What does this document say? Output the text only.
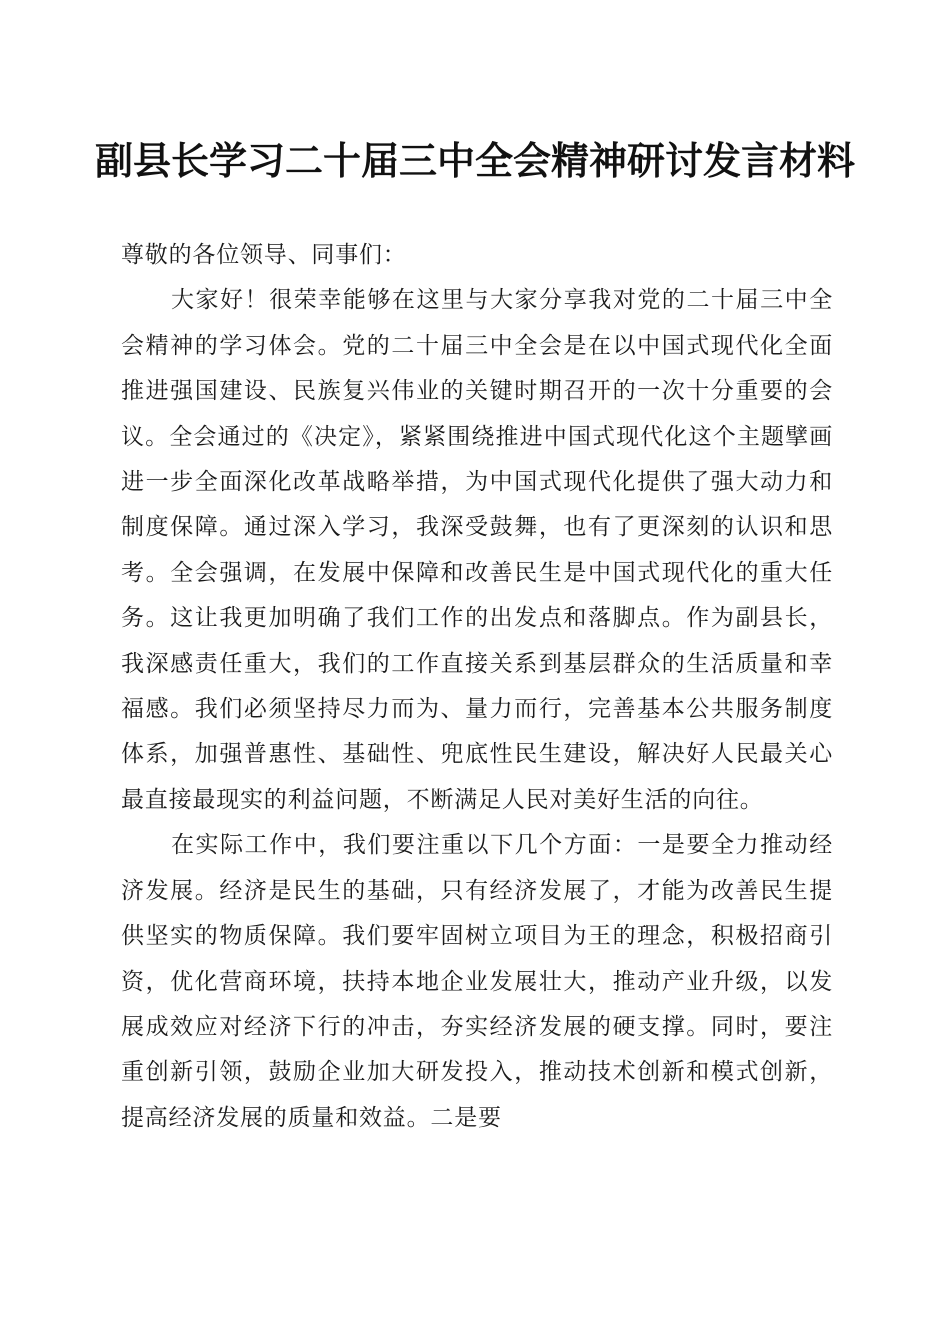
副县长学习二十届三中全会精神研讨发言材料

尊敬的各位领导、同事们：

大家好！很荣幸能够在这里与大家分享我对党的二十届三中全会精神的学习体会。党的二十届三中全会是在以中国式现代化全面推进强国建设、民族复兴伟业的关键时期召开的一次十分重要的会议。全会通过的《决定》，紧紧围绕推进中国式现代化这个主题擘画进一步全面深化改革战略举措，为中国式现代化提供了强大动力和制度保障。通过深入学习，我深受鼓舞，也有了更深刻的认识和思考。全会强调，在发展中保障和改善民生是中国式现代化的重大任务。这让我更加明确了我们工作的出发点和落脚点。作为副县长，我深感责任重大，我们的工作直接关系到基层群众的生活质量和幸福感。我们必须坚持尽力而为、量力而行，完善基本公共服务制度体系，加强普惠性、基础性、兜底性民生建设，解决好人民最关心最直接最现实的利益问题，不断满足人民对美好生活的向往。

在实际工作中，我们要注重以下几个方面：一是要全力推动经济发展。经济是民生的基础，只有经济发展了，才能为改善民生提供坚实的物质保障。我们要牢固树立项目为王的理念，积极招商引资，优化营商环境，扶持本地企业发展壮大，推动产业升级，以发展成效应对经济下行的冲击，夯实经济发展的硬支撑。同时，要注重创新引领，鼓励企业加大研发投入，推动技术创新和模式创新，提高经济发展的质量和效益。二是要
